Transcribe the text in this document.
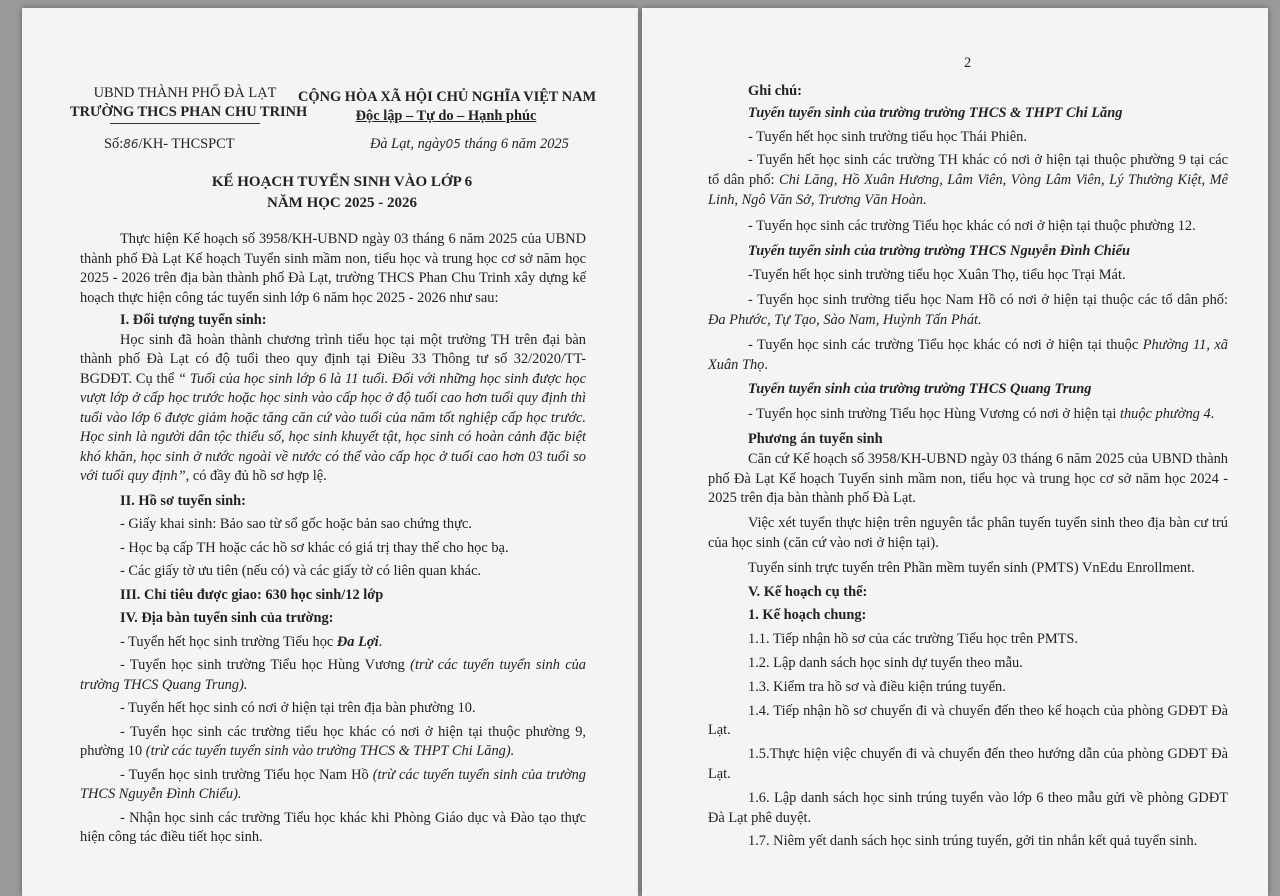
UBND THÀNH PHỐ ĐÀ LẠT
TRƯỜNG THCS PHAN CHU TRINH
CỘNG HÒA XÃ HỘI CHỦ NGHĨA VIỆT NAM
Độc lập – Tự do – Hạnh phúc
Số:86/KH- THCSPCT	Đà Lạt, ngày05 tháng 6 năm 2025
KẾ HOẠCH TUYỂN SINH VÀO LỚP 6
NĂM HỌC 2025 - 2026

Thực hiện Kế hoạch số 3958/KH-UBND ngày 03 tháng 6 năm 2025 của UBND thành phố Đà Lạt Kế hoạch Tuyển sinh mầm non, tiểu học và trung học cơ sở năm học 2025 - 2026 trên địa bàn thành phố Đà Lạt, trường THCS Phan Chu Trinh xây dựng kế hoạch thực hiện công tác tuyển sinh lớp 6 năm học 2025 - 2026 như sau:

I. Đối tượng tuyển sinh:

Học sinh đã hoàn thành chương trình tiểu học tại một trường TH trên đại bàn thành phố Đà Lạt có độ tuổi theo quy định tại Điều 33 Thông tư số 32/2020/TT-BGDĐT. Cụ thể “ Tuổi của học sinh lớp 6 là 11 tuổi. Đối với những học sinh được học vượt lớp ở cấp học trước hoặc học sinh vào cấp học ở độ tuổi cao hơn tuổi quy định thì tuổi vào lớp 6 được giảm hoặc tăng căn cứ vào tuổi của năm tốt nghiệp cấp học trước. Học sinh là người dân tộc thiểu số, học sinh khuyết tật, học sinh có hoàn cảnh đặc biệt khó khăn, học sinh ở nước ngoài về nước có thể vào cấp học ở tuổi cao hơn 03 tuổi so với tuổi quy định”, có đầy đủ hồ sơ hợp lệ.

II. Hồ sơ tuyển sinh:

- Giấy khai sinh: Bảo sao từ sổ gốc hoặc bản sao chứng thực.

- Học bạ cấp TH hoặc các hồ sơ khác có giá trị thay thế cho học bạ.

- Các giấy tờ ưu tiên (nếu có) và các giấy tờ có liên quan khác.

III. Chỉ tiêu được giao: 630 học sinh/12 lớp

IV. Địa bàn tuyển sinh của trường:

- Tuyển hết học sinh trường Tiểu học Đa Lợi.

- Tuyển học sinh trường Tiểu học Hùng Vương (trừ các tuyến tuyển sinh của trường THCS Quang Trung).

- Tuyển hết học sinh có nơi ở hiện tại trên địa bàn phường 10.

- Tuyển học sinh các trường tiểu học khác có nơi ở hiện tại thuộc phường 9, phường 10 (trừ các tuyến tuyển sinh vào trường THCS & THPT Chi Lăng).

- Tuyển học sinh trường Tiểu học Nam Hồ (trừ các tuyến tuyển sinh của trường THCS Nguyễn Đình Chiểu).

- Nhận học sinh các trường Tiểu học khác khi Phòng Giáo dục và Đào tạo thực hiện công tác điều tiết học sinh.

2

Ghi chú:

Tuyến tuyển sinh của trường trường THCS & THPT Chi Lăng

- Tuyển hết học sinh trường tiểu học Thái Phiên.

- Tuyển hết học sinh các trường TH khác có nơi ở hiện tại thuộc phường 9 tại các tổ dân phố: Chi Lăng, Hồ Xuân Hương, Lâm Viên, Vòng Lâm Viên, Lý Thường Kiệt, Mê Linh, Ngô Văn Sở, Trương Văn Hoàn.

- Tuyển học sinh các trường Tiểu học khác có nơi ở hiện tại thuộc phường 12.

Tuyến tuyển sinh của trường trường THCS Nguyễn Đình Chiểu

-Tuyển hết học sinh trường tiểu học Xuân Thọ, tiểu học Trại Mát.

- Tuyển học sinh trường tiểu học Nam Hồ có nơi ở hiện tại thuộc các tổ dân phố: Đa Phước, Tự Tạo, Sào Nam, Huỳnh Tấn Phát.

- Tuyển học sinh các trường Tiểu học khác có nơi ở hiện tại thuộc Phường 11, xã Xuân Thọ.

Tuyến tuyển sinh của trường trường THCS Quang Trung

- Tuyển học sinh trường Tiểu học Hùng Vương có nơi ở hiện tại thuộc phường 4.

Phương án tuyển sinh

Căn cứ Kế hoạch số 3958/KH-UBND ngày 03 tháng 6 năm 2025 của UBND thành phố Đà Lạt Kế hoạch Tuyển sinh mầm non, tiểu học và trung học cơ sở năm học 2024 - 2025 trên địa bàn thành phố Đà Lạt.

Việc xét tuyển thực hiện trên nguyên tắc phân tuyến tuyển sinh theo địa bàn cư trú của học sinh (căn cứ vào nơi ở hiện tại).

Tuyển sinh trực tuyến trên Phần mềm tuyển sinh (PMTS) VnEdu Enrollment.

V. Kế hoạch cụ thể:

1. Kế hoạch chung:

1.1. Tiếp nhận hồ sơ của các trường Tiểu học trên PMTS.

1.2. Lập danh sách học sinh dự tuyển theo mẫu.

1.3. Kiểm tra hồ sơ và điều kiện trúng tuyển.

1.4. Tiếp nhận hồ sơ chuyển đi và chuyển đến theo kế hoạch của phòng GDĐT Đà Lạt.

1.5.Thực hiện việc chuyển đi và chuyển đến theo hướng dẫn của phòng GDĐT Đà Lạt.

1.6. Lập danh sách học sinh trúng tuyển vào lớp 6 theo mẫu gửi về phòng GDĐT Đà Lạt phê duyệt.

1.7. Niêm yết danh sách học sinh trúng tuyển, gởi tin nhắn kết quả tuyển sinh.
